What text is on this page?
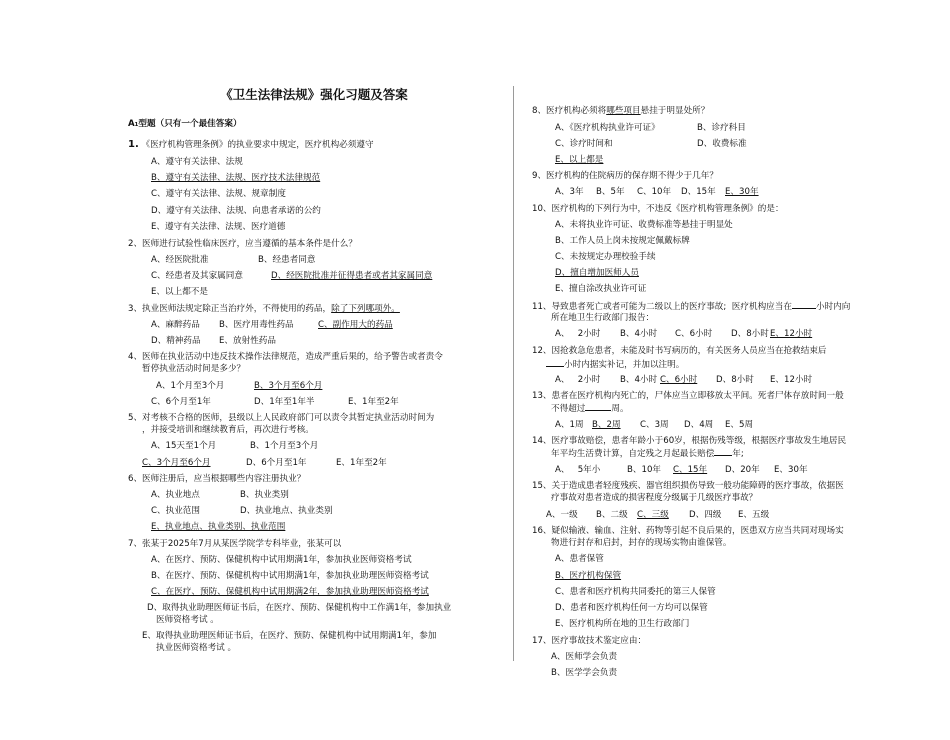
《卫生法律法规》强化习题及答案
A₁型题（只有一个最佳答案）
1. 《医疗机构管理条例》的执业要求中规定，医疗机构必须遵守
A、遵守有关法律、法规
B、遵守有关法律、法规、医疗技术法律规范
C、遵守有关法律、法规、规章制度
D、遵守有关法律、法规、向患者承诺的公约
E、遵守有关法律、法规、医疗道德
2、医师进行试验性临床医疗，应当遵循的基本条件是什么？
A、经医院批准	B、经患者同意
C、经患者及其家属同意	D、经医院批准并征得患者或者其家属同意
E、以上都不是
3、执业医师法规定除正当治疗外，不得使用的药品，除了下列哪项外。
A、麻醉药品 B、医疗用毒性药品	C、副作用大的药品
D、精神药品 E、放射性药品
4、医师在执业活动中违反技术操作法律规范，造成严重后果的，给予警告或者责令
暂停执业活动时间是多少？
A、1个月至3个月	B、3个月至6个月
C、6个月至1年	D、1年至1年半	E、1年至2年
5、对考核不合格的医师，县级以上人民政府部门可以责令其暂定执业活动时间为
，并接受培训和继续教育后，再次进行考核。
A、15天至1个月	B、1个月至3个月
C、3个月至6个月	D、6个月至1年	E、1年至2年
6、医师注册后，应当根据哪些内容注册执业？
A、执业地点	B、执业类别
C、执业范围	D、执业地点、执业类别
E、执业地点、执业类别、执业范围
7、张某于2025年7月从某医学院学专科毕业，张某可以
A、在医疗、预防、保健机构中试用期满1年，参加执业医师资格考试
B、在医疗、预防、保健机构中试用期满1年，参加执业助理医师资格考试
C、在医疗、预防、保健机构中试用期满2年，参加执业助理医师资格考试
D、取得执业助理医师证书后，在医疗、预防、保健机构中工作满1年，参加执业
医师资格考试 。
E、取得执业助理医师证书后，在医疗、预防、保健机构中试用期满1年，参加
执业医师资格考试 。
8、医疗机构必须将哪些项目悬挂于明显处所？
A、《医疗机构执业许可证》	B、诊疗科目
C、诊疗时间和	D、收费标准
E、以上都是
9、医疗机构的住院病历的保存期不得少于几年？
A、3年 B、5年 C、10年 D、15年 E、30年
10、医疗机构的下列行为中，不违反《医疗机构管理条例》的是：
A、未将执业许可证、收费标准等悬挂于明显处
B、工作人员上岗未按规定佩戴标牌
C、未按规定办理校验手续
D、擅自增加医师人员
E、擅自涂改执业许可证
11、导致患者死亡或者可能为二级以上的医疗事故; 医疗机构应当在	小时内向
所在地卫生行政部门报告：
A、 2小时 B、4小时 C、6小时 D、8小时 E、12小时
12、因抢救急危患者，未能及时书写病历的，有关医务人员应当在抢救结束后
小时内据实补记，并加以注明。
A、 2小时 B、4小时 C、6小时 D、8小时 E、12小时
13、患者在医疗机构内死亡的，尸体应当立即移放太平间。死者尸体存放时间一般
不得超过	周。
A、1周 B、2周 C、3周 D、4周 E、5周
14、医疗事故赔偿，患者年龄小于60岁，根据伤残等级，根据医疗事故发生地居民
年平均生活费计算，自定残之月起最长赔偿 年;
A、 5年小	B、10年 C、15年 D、20年 E、30年
15、关于造成患者轻度残疾、器官组织损伤导致一般功能障碍的医疗事故，依据医
疗事故对患者造成的损害程度分级属于几级医疗事故？
A、一级 B、二级 C、三级 D、四级 E、五级
16、疑似输液、输血、注射、药物等引起不良后果的，医患双方应当共同对现场实
物进行封存和启封，封存的现场实物由谁保管。
A、患者保管
B、医疗机构保管
C、患者和医疗机构共同委托的第三人保管
D、患者和医疗机构任何一方均可以保管
E、医疗机构所在地的卫生行政部门
17、医疗事故技术鉴定应由：
A、医师学会负责
B、医学学会负责
